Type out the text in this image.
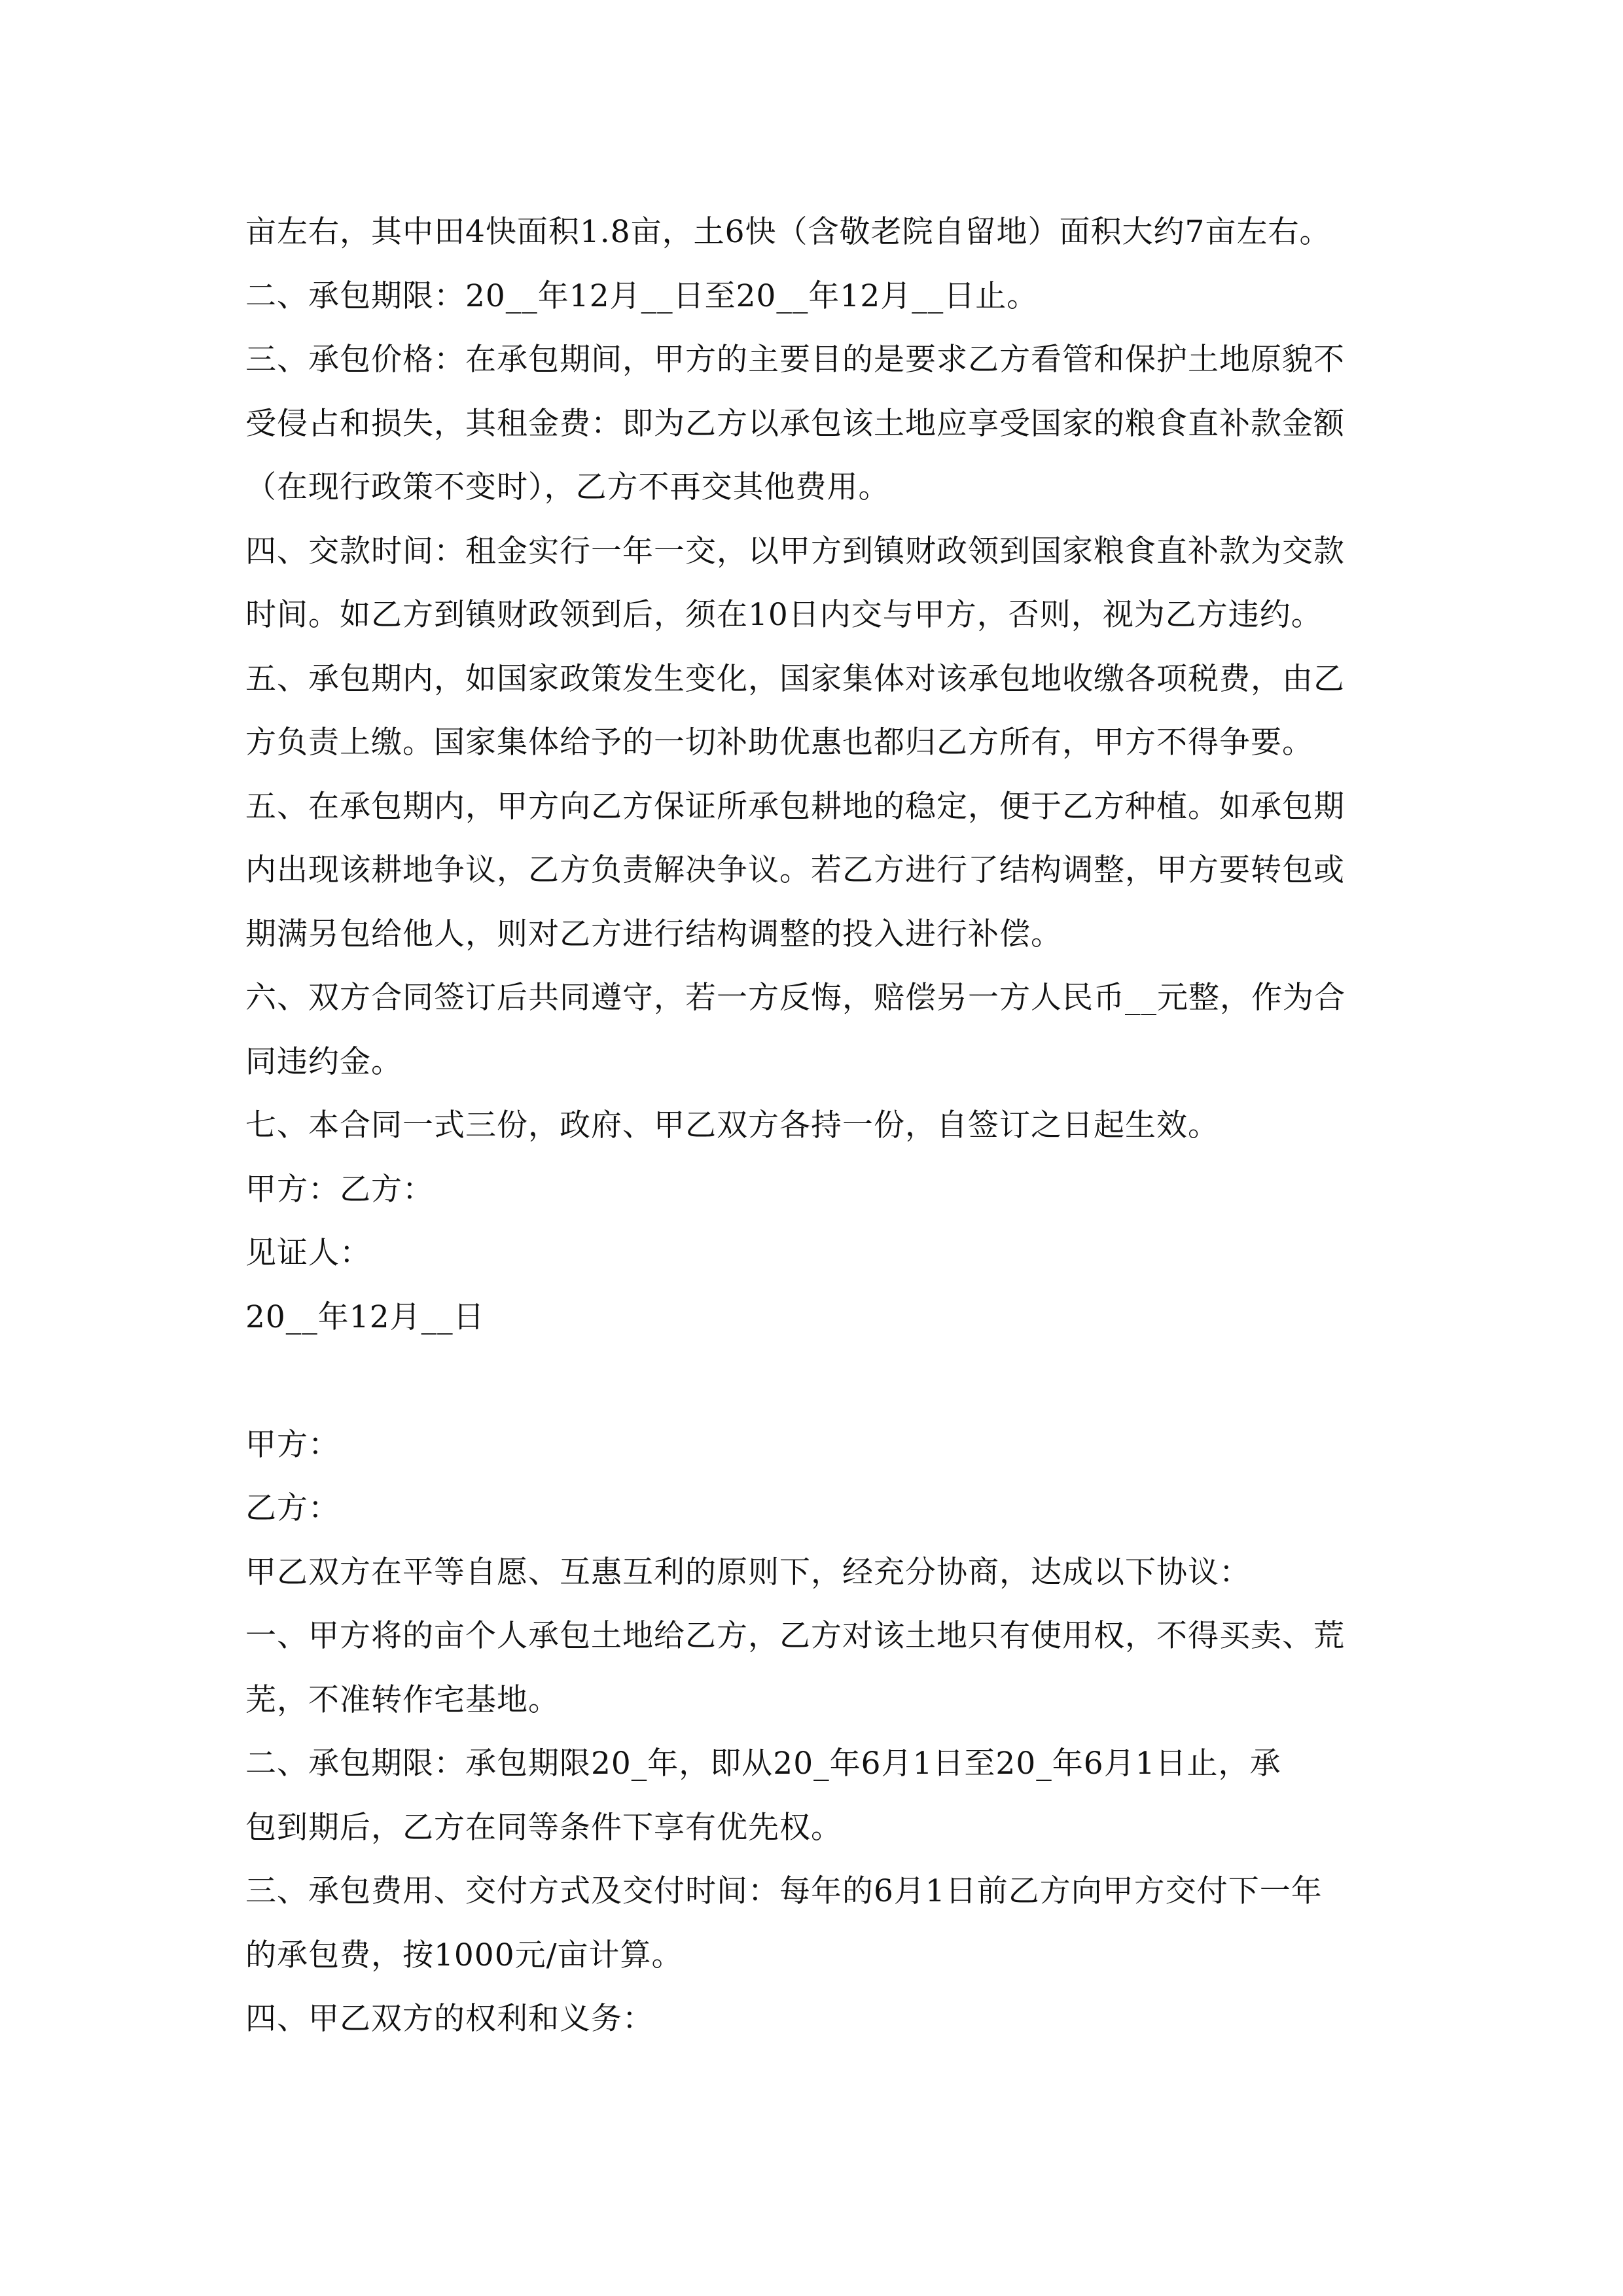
亩左右，其中田4快面积1.8亩，土6快（含敬老院自留地）面积大约7亩左右。
二、承包期限：20__年12月__日至20__年12月__日止。
三、承包价格：在承包期间，甲方的主要目的是要求乙方看管和保护土地原貌不
受侵占和损失，其租金费：即为乙方以承包该土地应享受国家的粮食直补款金额
（在现行政策不变时），乙方不再交其他费用。
四、交款时间：租金实行一年一交，以甲方到镇财政领到国家粮食直补款为交款
时间。如乙方到镇财政领到后，须在10日内交与甲方，否则，视为乙方违约。
五、承包期内，如国家政策发生变化，国家集体对该承包地收缴各项税费，由乙
方负责上缴。国家集体给予的一切补助优惠也都归乙方所有，甲方不得争要。
五、在承包期内，甲方向乙方保证所承包耕地的稳定，便于乙方种植。如承包期
内出现该耕地争议，乙方负责解决争议。若乙方进行了结构调整，甲方要转包或
期满另包给他人，则对乙方进行结构调整的投入进行补偿。
六、双方合同签订后共同遵守，若一方反悔，赔偿另一方人民币__元整，作为合
同违约金。
七、本合同一式三份，政府、甲乙双方各持一份，自签订之日起生效。
甲方：乙方：
见证人：
20__年12月__日
甲方：
乙方：
甲乙双方在平等自愿、互惠互利的原则下，经充分协商，达成以下协议：
一、甲方将的亩个人承包土地给乙方，乙方对该土地只有使用权，不得买卖、荒
芜，不准转作宅基地。
二、承包期限：承包期限20_年，即从20_年6月1日至20_年6月1日止，承
包到期后，乙方在同等条件下享有优先权。
三、承包费用、交付方式及交付时间：每年的6月1日前乙方向甲方交付下一年
的承包费，按1000元/亩计算。
四、甲乙双方的权利和义务：
